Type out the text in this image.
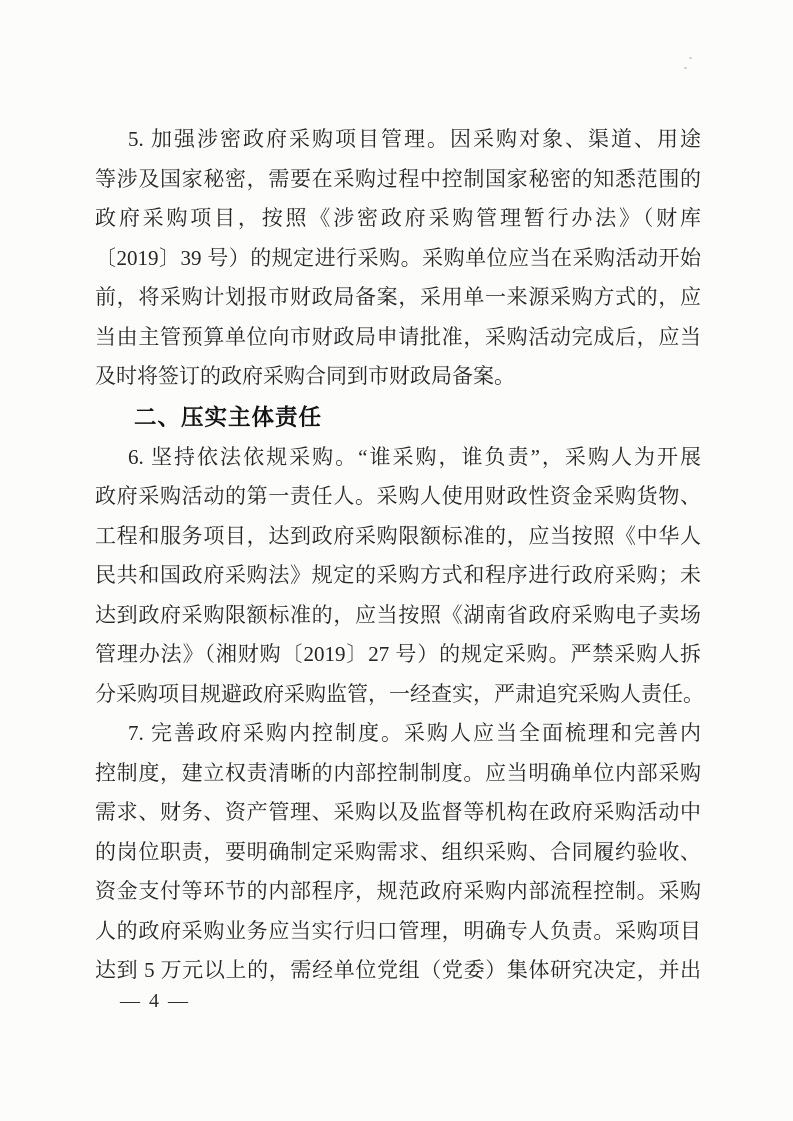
5. 加强涉密政府采购项目管理。因采购对象、渠道、用途
等涉及国家秘密，需要在采购过程中控制国家秘密的知悉范围的
政府采购项目，按照《涉密政府采购管理暂行办法》（财库
〔2019〕39 号）的规定进行采购。采购单位应当在采购活动开始
前，将采购计划报市财政局备案，采用单一来源采购方式的，应
当由主管预算单位向市财政局申请批准，采购活动完成后，应当
及时将签订的政府采购合同到市财政局备案。
二、压实主体责任
6. 坚持依法依规采购。“谁采购，谁负责”，采购人为开展
政府采购活动的第一责任人。采购人使用财政性资金采购货物、
工程和服务项目，达到政府采购限额标准的，应当按照《中华人
民共和国政府采购法》规定的采购方式和程序进行政府采购；未
达到政府采购限额标准的，应当按照《湖南省政府采购电子卖场
管理办法》（湘财购〔2019〕27 号）的规定采购。严禁采购人拆
分采购项目规避政府采购监管，一经查实，严肃追究采购人责任。
7. 完善政府采购内控制度。采购人应当全面梳理和完善内
控制度，建立权责清晰的内部控制制度。应当明确单位内部采购
需求、财务、资产管理、采购以及监督等机构在政府采购活动中
的岗位职责，要明确制定采购需求、组织采购、合同履约验收、
资金支付等环节的内部程序，规范政府采购内部流程控制。采购
人的政府采购业务应当实行归口管理，明确专人负责。采购项目
达到 5 万元以上的，需经单位党组（党委）集体研究决定，并出
— 4 —
